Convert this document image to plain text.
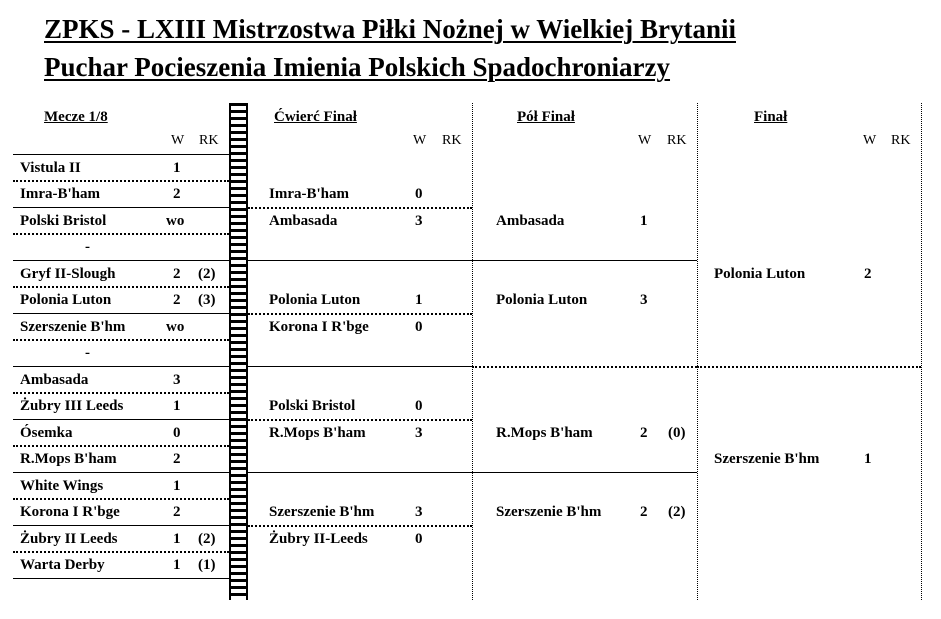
ZPKS - LXIII Mistrzostwa Piłki Nożnej w Wielkiej Brytanii
Puchar Pocieszenia Imienia Polskich Spadochroniarzy
Mecze 1/8	Ćwierć Finał	Pół Finał	Finał
W RK	W RK	W RK	W RK
Vistula II	1
Imra-B'ham	2
Polski Bristol	wo
-
Gryf II-Slough	2 (2)
Polonia Luton	2 (3)
Szerszenie B'hm	wo
-
Ambasada	3
Żubry III Leeds	1
Ósemka	0
R.Mops B'ham	2
White Wings	1
Korona I R'bge	2
Żubry II Leeds	1 (2)
Warta Derby	1 (1)
Imra-B'ham	0
Ambasada	3
Polonia Luton	1
Korona I R'bge	0
Polski Bristol	0
R.Mops B'ham	3
Szerszenie B'hm	3
Żubry II-Leeds	0
Ambasada	1
Polonia Luton	3
R.Mops B'ham	2 (0)
Szerszenie B'hm	2 (2)
Polonia Luton	2
Szerszenie B'hm	1
